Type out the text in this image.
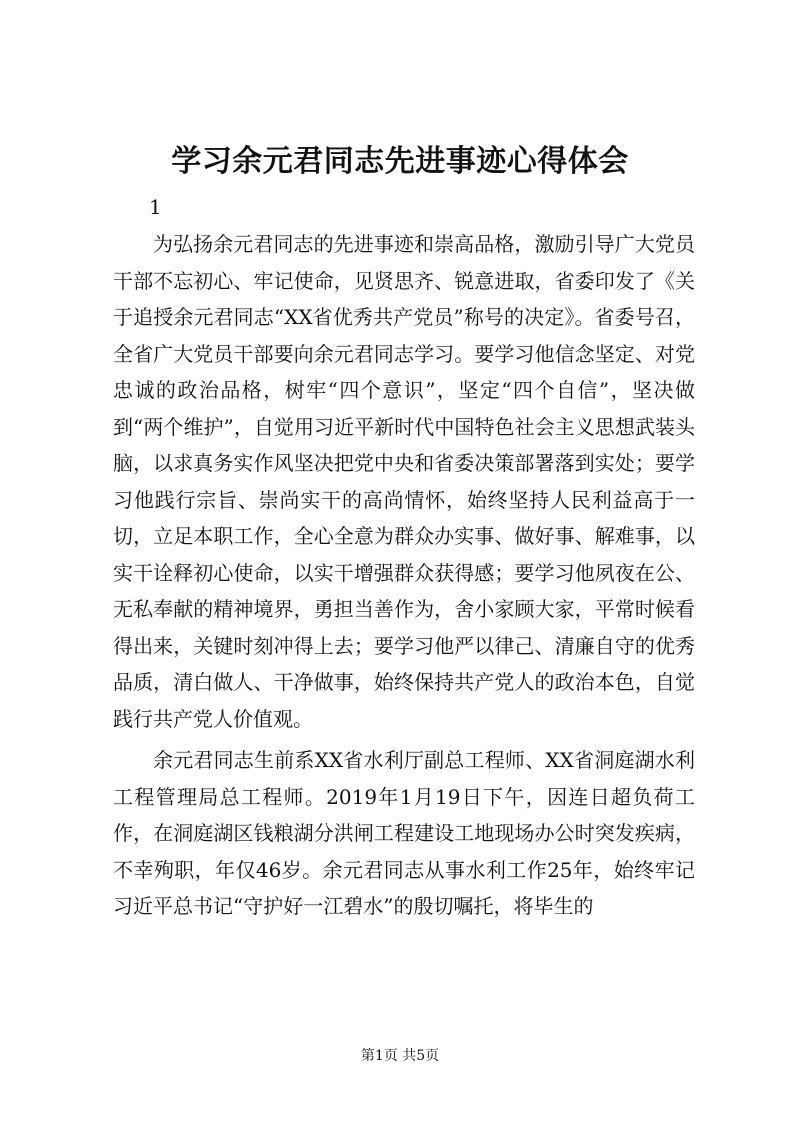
学习余元君同志先进事迹心得体会

1

为弘扬余元君同志的先进事迹和崇高品格，激励引导广大党员干部不忘初心、牢记使命，见贤思齐、锐意进取，省委印发了《关于追授余元君同志“XX省优秀共产党员”称号的决定》。省委号召，全省广大党员干部要向余元君同志学习。要学习他信念坚定、对党忠诚的政治品格，树牢“四个意识”，坚定“四个自信”，坚决做到“两个维护”，自觉用习近平新时代中国特色社会主义思想武装头脑，以求真务实作风坚决把党中央和省委决策部署落到实处；要学习他践行宗旨、崇尚实干的高尚情怀，始终坚持人民利益高于一切，立足本职工作，全心全意为群众办实事、做好事、解难事，以实干诠释初心使命，以实干增强群众获得感；要学习他夙夜在公、无私奉献的精神境界，勇担当善作为，舍小家顾大家，平常时候看得出来，关键时刻冲得上去；要学习他严以律己、清廉自守的优秀品质，清白做人、干净做事，始终保持共产党人的政治本色，自觉践行共产党人价值观。

余元君同志生前系XX省水利厅副总工程师、XX省洞庭湖水利工程管理局总工程师。2019年1月19日下午，因连日超负荷工作，在洞庭湖区钱粮湖分洪闸工程建设工地现场办公时突发疾病，不幸殉职，年仅46岁。余元君同志从事水利工作25年，始终牢记习近平总书记“守护好一江碧水”的殷切嘱托，将毕生的

第1页 共5页
